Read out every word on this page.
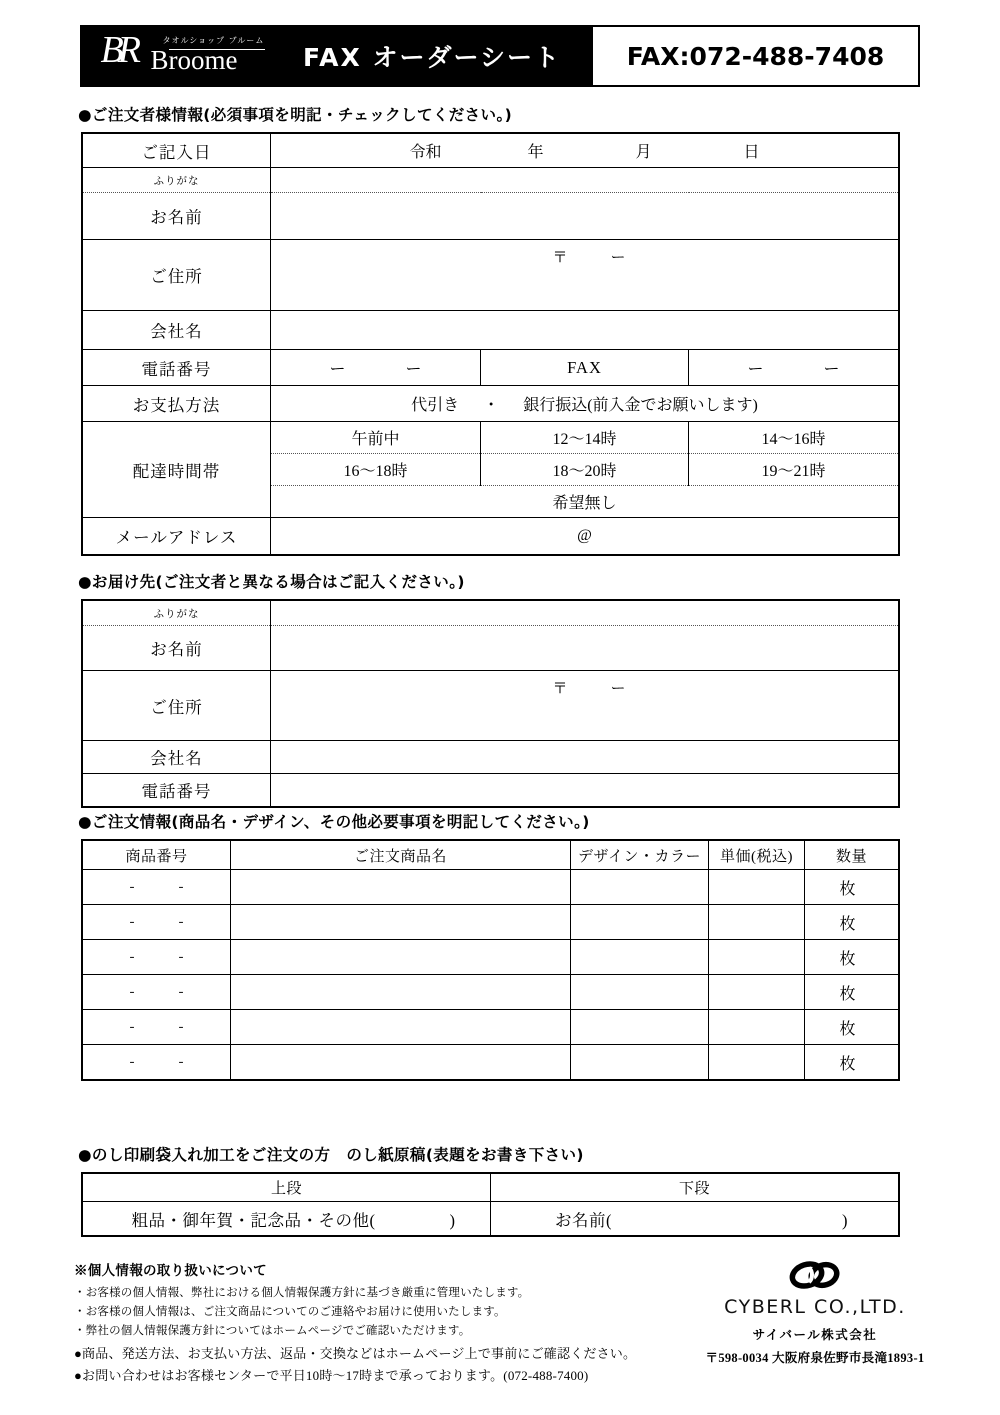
BR	タオルショップ ブルーム
Broome	FAX オーダーシート	FAX:072-488-7408
●ご注文者様情報(必須事項を明記・チェックしてください。)
ご記入日	令和 年 月 日		
ふりがな			
お名前			
ご住所	〒 ー		
会社名			
電話番号	ー ー	FAX	ー ー
お支払方法	代引き ・ 銀行振込(前入金でお願いします)		
配達時間帯	午前中	12〜14時	14〜16時
	16〜18時	18〜20時	19〜21時
	希望無し		
メールアドレス	@		
●お届け先(ご注文者と異なる場合はご記入ください。)
ふりがな	
お名前	
ご住所	〒 ー
会社名	
電話番号	
●ご注文情報(商品名・デザイン、その他必要事項を明記してください。)
商品番号	ご注文商品名	デザイン・カラー	単価(税込)	数量
- -				枚
- -				枚
- -				枚
- -				枚
- -				枚
- -				枚
●のし印刷袋入れ加工をご注文の方　のし紙原稿(表題をお書き下さい)
上段	下段
粗品・御年賀・記念品・その他( )	お名前( )
※個人情報の取り扱いについて
・お客様の個人情報、弊社における個人情報保護方針に基づき厳重に管理いたします。
・お客様の個人情報は、ご注文商品についてのご連絡やお届けに使用いたします。
・弊社の個人情報保護方針についてはホームページでご確認いただけます。
●商品、発送方法、お支払い方法、返品・交換などはホームページ上で事前にご確認ください。
●お問い合わせはお客様センターで平日10時〜17時まで承っております。(072-488-7400)
CYBERL CO.,LTD.
サイバール株式会社
〒598-0034 大阪府泉佐野市長滝1893-1
